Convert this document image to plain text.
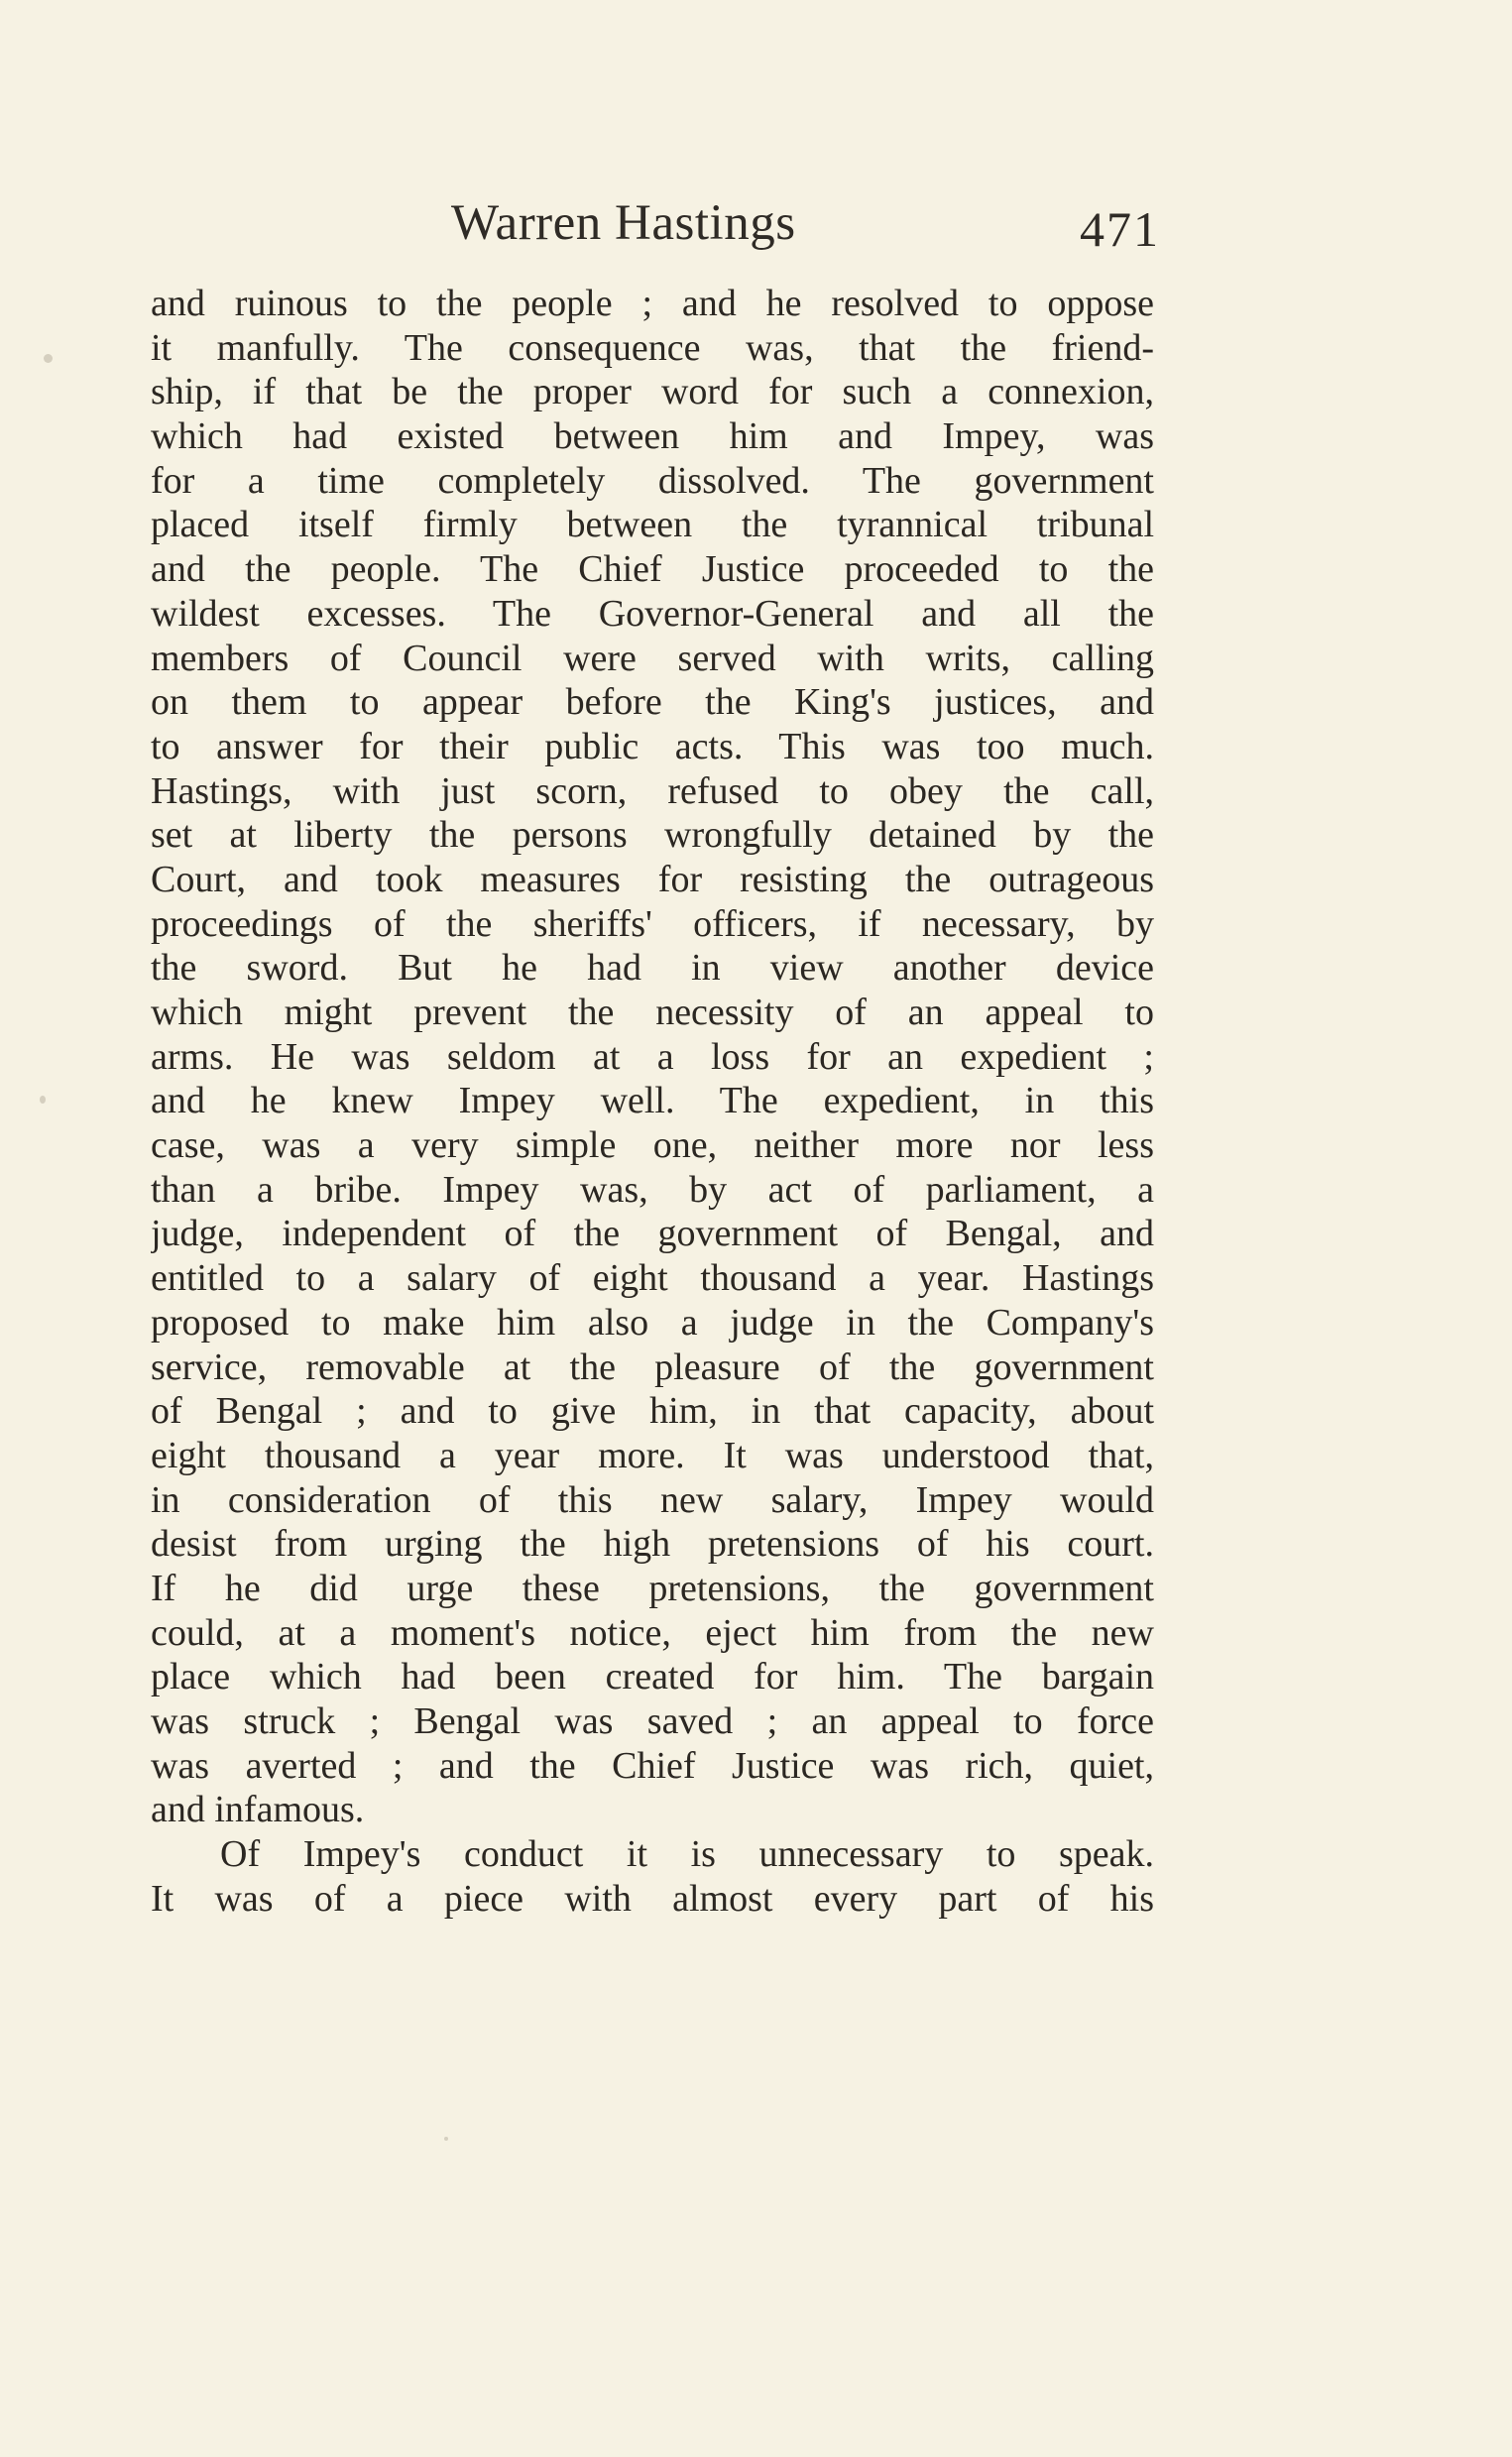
Warren Hastings	471
and ruinous to the people ; and he resolved to oppose
it manfully. The consequence was, that the friend-
ship, if that be the proper word for such a connexion,
which had existed between him and Impey, was
for a time completely dissolved. The government
placed itself firmly between the tyrannical tribunal
and the people. The Chief Justice proceeded to the
wildest excesses. The Governor-General and all the
members of Council were served with writs, calling
on them to appear before the King's justices, and
to answer for their public acts. This was too much.
Hastings, with just scorn, refused to obey the call,
set at liberty the persons wrongfully detained by the
Court, and took measures for resisting the outrageous
proceedings of the sheriffs' officers, if necessary, by
the sword. But he had in view another device
which might prevent the necessity of an appeal to
arms. He was seldom at a loss for an expedient ;
and he knew Impey well. The expedient, in this
case, was a very simple one, neither more nor less
than a bribe. Impey was, by act of parliament, a
judge, independent of the government of Bengal, and
entitled to a salary of eight thousand a year. Hastings
proposed to make him also a judge in the Company's
service, removable at the pleasure of the government
of Bengal ; and to give him, in that capacity, about
eight thousand a year more. It was understood that,
in consideration of this new salary, Impey would
desist from urging the high pretensions of his court.
If he did urge these pretensions, the government
could, at a moment's notice, eject him from the new
place which had been created for him. The bargain
was struck ; Bengal was saved ; an appeal to force
was averted ; and the Chief Justice was rich, quiet,
and infamous.
Of Impey's conduct it is unnecessary to speak.
It was of a piece with almost every part of his
